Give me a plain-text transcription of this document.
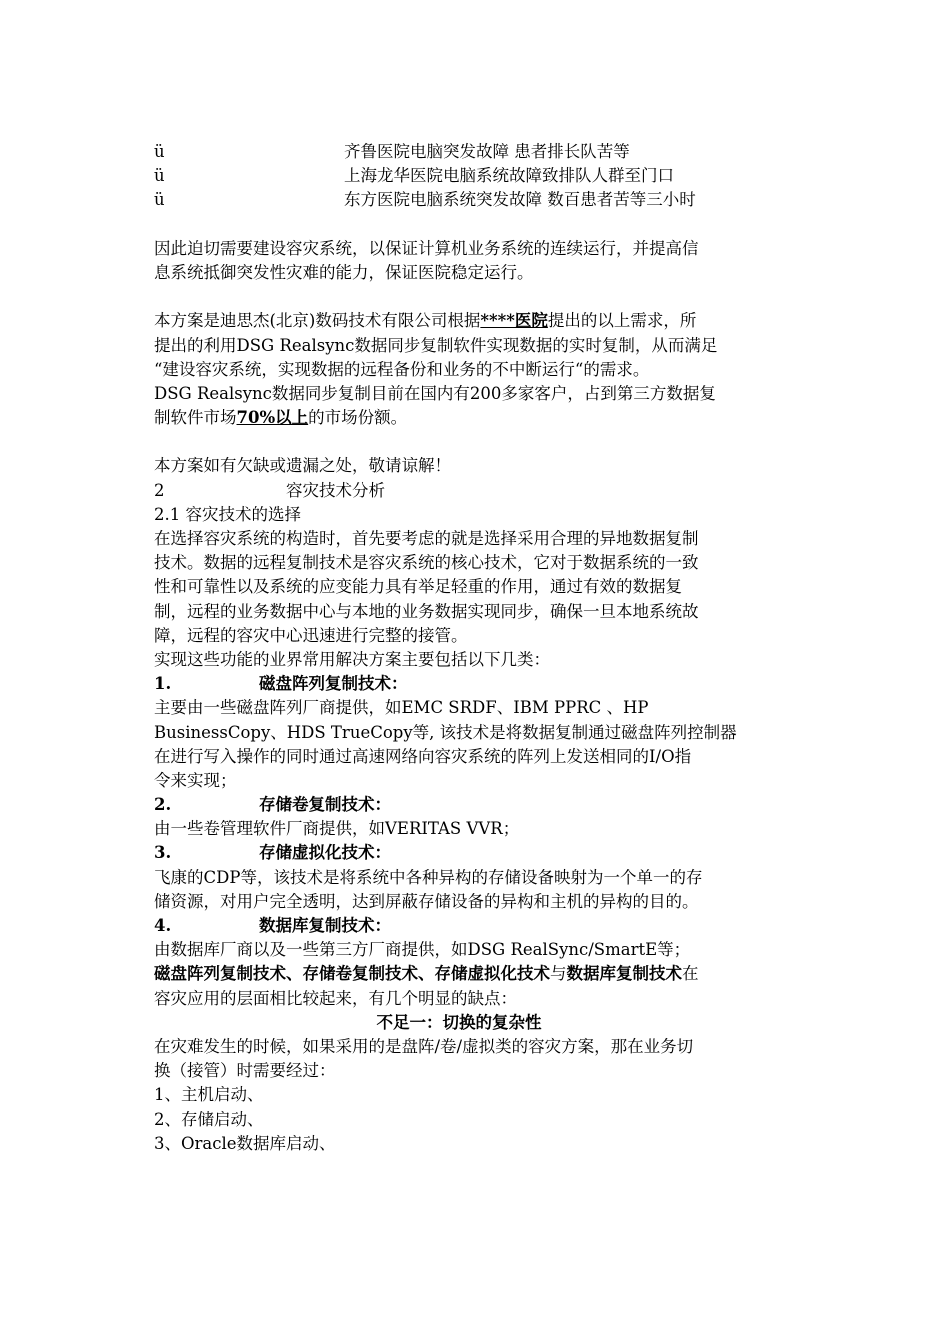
ü	齐鲁医院电脑突发故障 患者排长队苦等
ü	上海龙华医院电脑系统故障致排队人群至门口
ü	东方医院电脑系统突发故障 数百患者苦等三小时
因此迫切需要建设容灾系统，以保证计算机业务系统的连续运行，并提高信
息系统抵御突发性灾难的能力，保证医院稳定运行。
本方案是迪思杰(北京)数码技术有限公司根据****医院提出的以上需求，所
提出的利用DSG Realsync数据同步复制软件实现数据的实时复制，从而满足
“建设容灾系统，实现数据的远程备份和业务的不中断运行“的需求。
DSG Realsync数据同步复制目前在国内有200多家客户，占到第三方数据复
制软件市场70%以上的市场份额。
本方案如有欠缺或遗漏之处，敬请谅解！
2	容灾技术分析
2.1 容灾技术的选择
在选择容灾系统的构造时，首先要考虑的就是选择采用合理的异地数据复制
技术。数据的远程复制技术是容灾系统的核心技术，它对于数据系统的一致
性和可靠性以及系统的应变能力具有举足轻重的作用，通过有效的数据复
制，远程的业务数据中心与本地的业务数据实现同步，确保一旦本地系统故
障，远程的容灾中心迅速进行完整的接管。
实现这些功能的业界常用解决方案主要包括以下几类：
1.	磁盘阵列复制技术：
主要由一些磁盘阵列厂商提供，如EMC SRDF、IBM PPRC 、HP
BusinessCopy、HDS TrueCopy等, 该技术是将数据复制通过磁盘阵列控制器
在进行写入操作的同时通过高速网络向容灾系统的阵列上发送相同的I/O指
令来实现；
2.	存储卷复制技术：
由一些卷管理软件厂商提供，如VERITAS VVR；
3.	存储虚拟化技术：
飞康的CDP等，该技术是将系统中各种异构的存储设备映射为一个单一的存
储资源，对用户完全透明，达到屏蔽存储设备的异构和主机的异构的目的。
4.	数据库复制技术：
由数据库厂商以及一些第三方厂商提供，如DSG RealSync/SmartE等；
磁盘阵列复制技术、存储卷复制技术、存储虚拟化技术与数据库复制技术在
容灾应用的层面相比较起来，有几个明显的缺点：
不足一：切换的复杂性
在灾难发生的时候，如果采用的是盘阵/卷/虚拟类的容灾方案，那在业务切
换（接管）时需要经过：
1、主机启动、
2、存储启动、
3、Oracle数据库启动、
